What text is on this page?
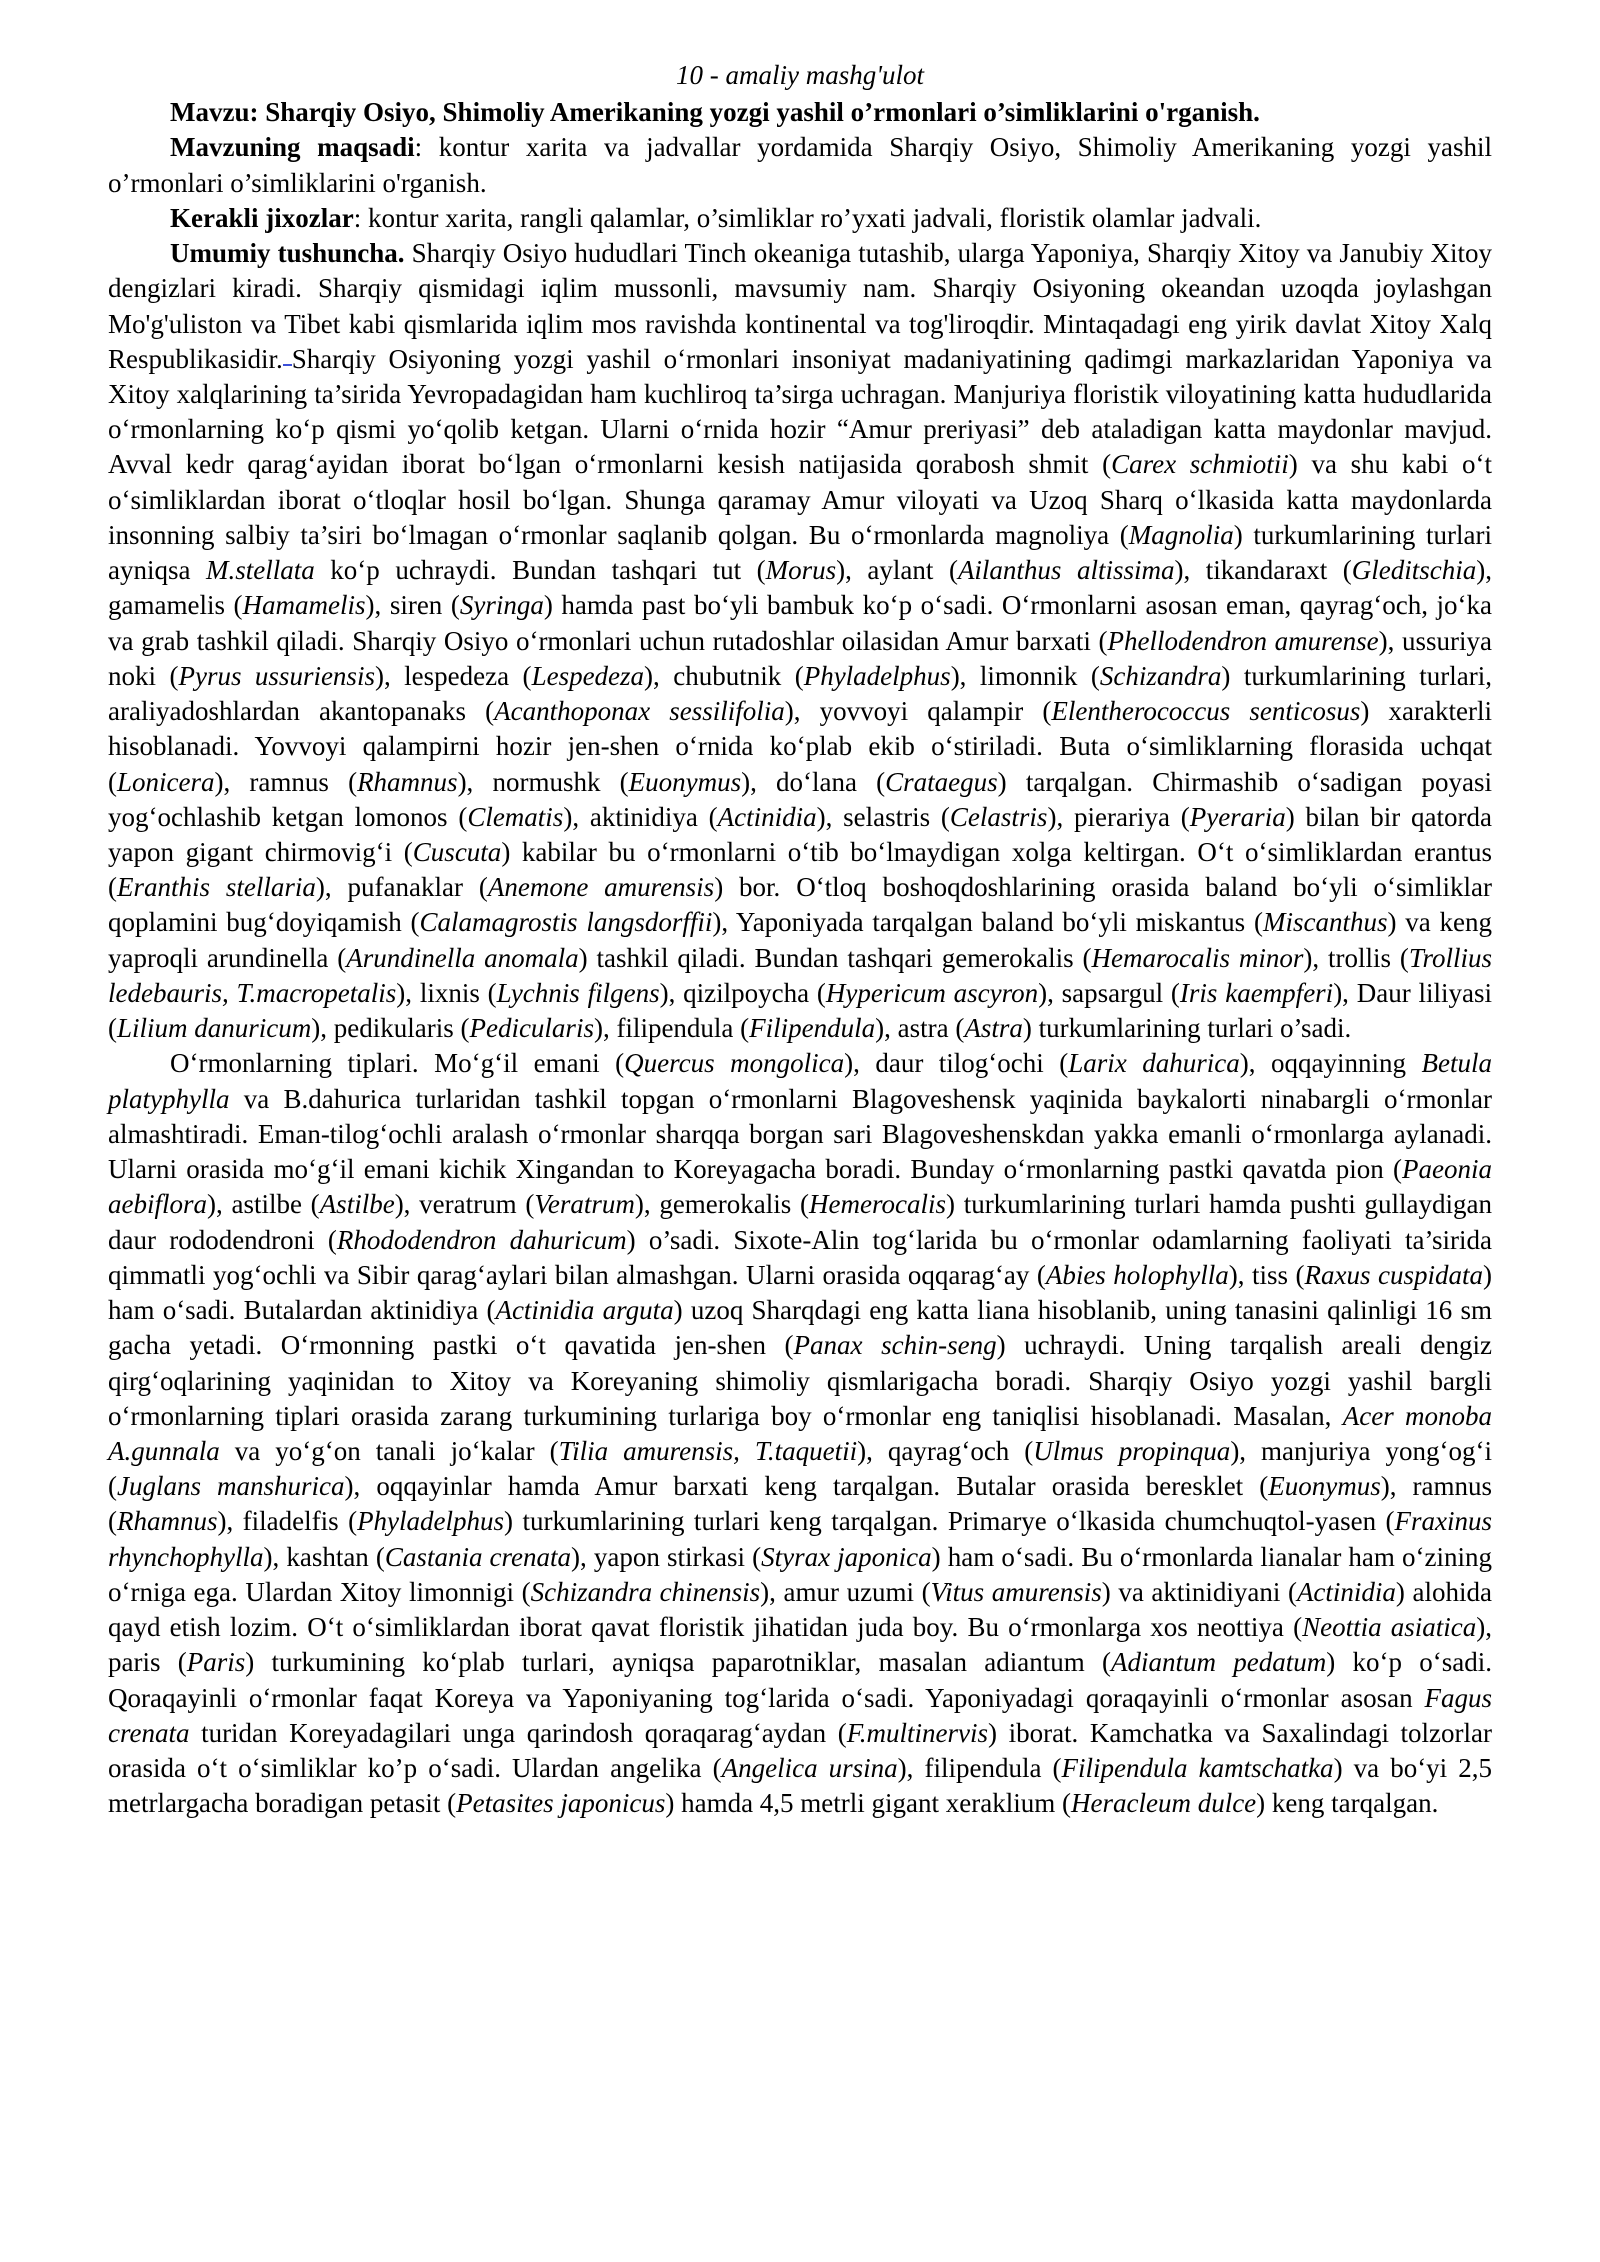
10 - amaliy mashg'ulot

Mavzu: Sharqiy Osiyo, Shimoliy Amerikaning yozgi yashil o’rmonlari o’simliklarini o'rganish.

Mavzuning maqsadi: kontur xarita va jadvallar yordamida Sharqiy Osiyo, Shimoliy Amerikaning yozgi yashil o’rmonlari o’simliklarini o'rganish.

Kerakli jixozlar: kontur xarita, rangli qalamlar, o’simliklar ro’yxati jadvali, floristik olamlar jadvali.

Umumiy tushuncha. Sharqiy Osiyo hududlari Tinch okeaniga tutashib, ularga Yaponiya, Sharqiy Xitoy va Janubiy Xitoy dengizlari kiradi. Sharqiy qismidagi iqlim mussonli, mavsumiy nam. Sharqiy Osiyoning okeandan uzoqda joylashgan Mo'g'uliston va Tibet kabi qismlarida iqlim mos ravishda kontinental va tog'liroqdir. Mintaqadagi eng yirik davlat Xitoy Xalq Respublikasidir. Sharqiy Osiyoning yozgi yashil o‘rmonlari insoniyat madaniyatining qadimgi markazlaridan Yaponiya va Xitoy xalqlarining ta’sirida Yevropadagidan ham kuchliroq ta’sirga uchragan. Manjuriya floristik viloyatining katta hududlarida o‘rmonlarning ko‘p qismi yo‘qolib ketgan. Ularni o‘rnida hozir “Amur preriyasi” deb ataladigan katta maydonlar mavjud. Avval kedr qarag‘ayidan iborat bo‘lgan o‘rmonlarni kesish natijasida qorabosh shmit (Carex schmiotii) va shu kabi o‘t o‘simliklardan iborat o‘tloqlar hosil bo‘lgan. Shunga qaramay Amur viloyati va Uzoq Sharq o‘lkasida katta maydonlarda insonning salbiy ta’siri bo‘lmagan o‘rmonlar saqlanib qolgan. Bu o‘rmonlarda magnoliya (Magnolia) turkumlarining turlari ayniqsa M.stellata ko‘p uchraydi. Bundan tashqari tut (Morus), aylant (Ailanthus altissima), tikandaraxt (Gleditschia), gamamelis (Hamamelis), siren (Syringa) hamda past bo‘yli bambuk ko‘p o‘sadi. O‘rmonlarni asosan eman, qayrag‘och, jo‘ka va grab tashkil qiladi. Sharqiy Osiyo o‘rmonlari uchun rutadoshlar oilasidan Amur barxati (Phellodendron amurense), ussuriya noki (Pyrus ussuriensis), lespedeza (Lespedeza), chubutnik (Phyladelphus), limonnik (Schizandra) turkumlarining turlari, araliyadoshlardan akantopanaks (Acanthoponax sessilifolia), yovvoyi qalampir (Elentherococcus senticosus) xarakterli hisoblanadi. Yovvoyi qalampirni hozir jen-shen o‘rnida ko‘plab ekib o‘stiriladi. Buta o‘simliklarning florasida uchqat (Lonicera), ramnus (Rhamnus), normushk (Euonymus), do‘lana (Crataegus) tarqalgan. Chirmashib o‘sadigan poyasi yog‘ochlashib ketgan lomonos (Clematis), aktinidiya (Actinidia), selastris (Celastris), pierariya (Pyeraria) bilan bir qatorda yapon gigant chirmovig‘i (Cuscuta) kabilar bu o‘rmonlarni o‘tib bo‘lmaydigan xolga keltirgan. O‘t o‘simliklardan erantus (Eranthis stellaria), pufanaklar (Anemone amurensis) bor. O‘tloq boshoqdoshlarining orasida baland bo‘yli o‘simliklar qoplamini bug‘doyiqamish (Calamagrostis langsdorffii), Yaponiyada tarqalgan baland bo‘yli miskantus (Miscanthus) va keng yaproqli arundinella (Arundinella anomala) tashkil qiladi. Bundan tashqari gemerokalis (Hemarocalis minor), trollis (Trollius ledebauris, T.macropetalis), lixnis (Lychnis filgens), qizilpoycha (Hypericum ascyron), sapsargul (Iris kaempferi), Daur liliyasi (Lilium danuricum), pedikularis (Pedicularis), filipendula (Filipendula), astra (Astra) turkumlarining turlari o’sadi.

O‘rmonlarning tiplari. Mo‘g‘il emani (Quercus mongolica), daur tilog‘ochi (Larix dahurica), oqqayinning Betula platyphylla va B.dahurica turlaridan tashkil topgan o‘rmonlarni Blagoveshensk yaqinida baykalorti ninabargli o‘rmonlar almashtiradi. Eman-tilog‘ochli aralash o‘rmonlar sharqqa borgan sari Blagoveshenskdan yakka emanli o‘rmonlarga aylanadi. Ularni orasida mo‘g‘il emani kichik Xingandan to Koreyagacha boradi. Bunday o‘rmonlarning pastki qavatda pion (Paeonia aebiflora), astilbe (Astilbe), veratrum (Veratrum), gemerokalis (Hemerocalis) turkumlarining turlari hamda pushti gullaydigan daur rododendroni (Rhododendron dahuricum) o’sadi. Sixote-Alin tog‘larida bu o‘rmonlar odamlarning faoliyati ta’sirida qimmatli yog‘ochli va Sibir qarag‘aylari bilan almashgan. Ularni orasida oqqarag‘ay (Abies holophylla), tiss (Raxus cuspidata) ham o‘sadi. Butalardan aktinidiya (Actinidia arguta) uzoq Sharqdagi eng katta liana hisoblanib, uning tanasini qalinligi 16 sm gacha yetadi. O‘rmonning pastki o‘t qavatida jen-shen (Panax schin-seng) uchraydi. Uning tarqalish areali dengiz qirg‘oqlarining yaqinidan to Xitoy va Koreyaning shimoliy qismlarigacha boradi. Sharqiy Osiyo yozgi yashil bargli o‘rmonlarning tiplari orasida zarang turkumining turlariga boy o‘rmonlar eng taniqlisi hisoblanadi. Masalan, Acer monoba A.gunnala va yo‘g‘on tanali jo‘kalar (Tilia amurensis, T.taquetii), qayrag‘och (Ulmus propinqua), manjuriya yong‘og‘i (Juglans manshurica), oqqayinlar hamda Amur barxati keng tarqalgan. Butalar orasida beresklet (Euonymus), ramnus (Rhamnus), filadelfis (Phyladelphus) turkumlarining turlari keng tarqalgan. Primarye o‘lkasida chumchuqtol-yasen (Fraxinus rhynchophylla), kashtan (Castania crenata), yapon stirkasi (Styrax japonica) ham o‘sadi. Bu o‘rmonlarda lianalar ham o‘zining o‘rniga ega. Ulardan Xitoy limonnigi (Schizandra chinensis), amur uzumi (Vitus amurensis) va aktinidiyani (Actinidia) alohida qayd etish lozim. O‘t o‘simliklardan iborat qavat floristik jihatidan juda boy. Bu o‘rmonlarga xos neottiya (Neottia asiatica), paris (Paris) turkumining ko‘plab turlari, ayniqsa paparotniklar, masalan adiantum (Adiantum pedatum) ko‘p o‘sadi. Qoraqayinli o‘rmonlar faqat Koreya va Yaponiyaning tog‘larida o‘sadi. Yaponiyadagi qoraqayinli o‘rmonlar asosan Fagus crenata turidan Koreyadagilari unga qarindosh qoraqarag‘aydan (F.multinervis) iborat. Kamchatka va Saxalindagi tolzorlar orasida o‘t o‘simliklar ko’p o‘sadi. Ulardan angelika (Angelica ursina), filipendula (Filipendula kamtschatka) va bo‘yi 2,5 metrlargacha boradigan petasit (Petasites japonicus) hamda 4,5 metrli gigant xeraklium (Heracleum dulce) keng tarqalgan.
